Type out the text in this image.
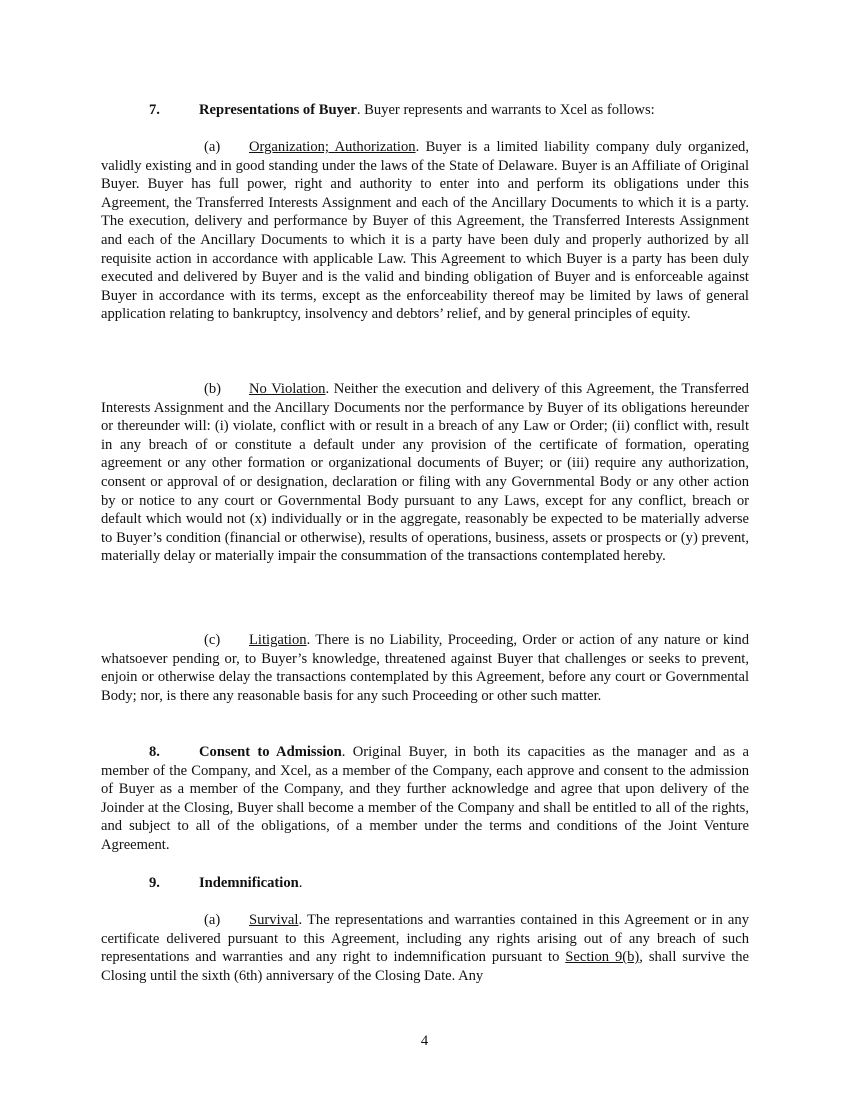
7.	Representations of Buyer. Buyer represents and warrants to Xcel as follows:

(a) Organization; Authorization. Buyer is a limited liability company duly organized, validly existing and in good standing under the laws of the State of Delaware. Buyer is an Affiliate of Original Buyer. Buyer has full power, right and authority to enter into and perform its obligations under this Agreement, the Transferred Interests Assignment and each of the Ancillary Documents to which it is a party. The execution, delivery and performance by Buyer of this Agreement, the Transferred Interests Assignment and each of the Ancillary Documents to which it is a party have been duly and properly authorized by all requisite action in accordance with applicable Law. This Agreement to which Buyer is a party has been duly executed and delivered by Buyer and is the valid and binding obligation of Buyer and is enforceable against Buyer in accordance with its terms, except as the enforceability thereof may be limited by laws of general application relating to bankruptcy, insolvency and debtors’ relief, and by general principles of equity.

(b) No Violation. Neither the execution and delivery of this Agreement, the Transferred Interests Assignment and the Ancillary Documents nor the performance by Buyer of its obligations hereunder or thereunder will: (i) violate, conflict with or result in a breach of any Law or Order; (ii) conflict with, result in any breach of or constitute a default under any provision of the certificate of formation, operating agreement or any other formation or organizational documents of Buyer; or (iii) require any authorization, consent or approval of or designation, declaration or filing with any Governmental Body or any other action by or notice to any court or Governmental Body pursuant to any Laws, except for any conflict, breach or default which would not (x) individually or in the aggregate, reasonably be expected to be materially adverse to Buyer’s condition (financial or otherwise), results of operations, business, assets or prospects or (y) prevent, materially delay or materially impair the consummation of the transactions contemplated hereby.

(c) Litigation. There is no Liability, Proceeding, Order or action of any nature or kind whatsoever pending or, to Buyer’s knowledge, threatened against Buyer that challenges or seeks to prevent, enjoin or otherwise delay the transactions contemplated by this Agreement, before any court or Governmental Body; nor, is there any reasonable basis for any such Proceeding or other such matter.

8.	Consent to Admission. Original Buyer, in both its capacities as the manager and as a member of the Company, and Xcel, as a member of the Company, each approve and consent to the admission of Buyer as a member of the Company, and they further acknowledge and agree that upon delivery of the Joinder at the Closing, Buyer shall become a member of the Company and shall be entitled to all of the rights, and subject to all of the obligations, of a member under the terms and conditions of the Joint Venture Agreement.

9.	Indemnification.

(a) Survival. The representations and warranties contained in this Agreement or in any certificate delivered pursuant to this Agreement, including any rights arising out of any breach of such representations and warranties and any right to indemnification pursuant to Section 9(b), shall survive the Closing until the sixth (6th) anniversary of the Closing Date. Any

4
